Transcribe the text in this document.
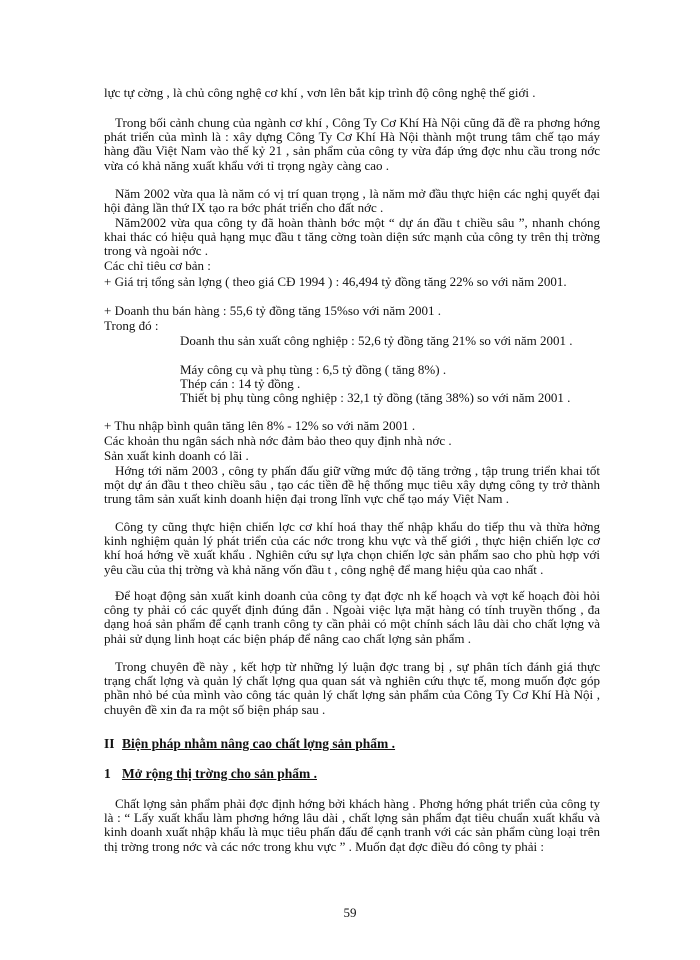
lực tự cờng , là chủ công nghệ cơ khí , vơn lên bắt kịp trình độ công nghệ thế giới .

Trong bối cảnh chung của ngành cơ khí , Công Ty Cơ Khí Hà Nội cũng đã đề ra phơng hớng phát triển của mình là : xây dựng Công Ty Cơ Khí Hà Nội thành một trung tâm chế tạo máy hàng đầu Việt Nam vào thế kỷ 21 , sản phẩm của công ty vừa đáp ứng đợc nhu cầu trong nớc vừa có khả năng xuất khẩu với tỉ trọng ngày càng cao .

Năm 2002 vừa qua là năm có vị trí quan trọng , là năm mở đầu thực hiện các nghị quyết đại hội đảng lần thứ IX tạo ra bớc phát triển cho đất nớc .

Năm2002 vừa qua công ty đã hoàn thành bớc một “ dự án đầu t chiều sâu ”, nhanh chóng khai thác có hiệu quả hạng mục đầu t tăng cờng toàn diện sức mạnh của công ty trên thị trờng trong và ngoài nớc .

Các chỉ tiêu cơ bản :

+ Giá trị tổng sản lợng ( theo giá CĐ 1994 ) : 46,494 tỷ đồng tăng 22% so với năm 2001.

+ Doanh thu bán hàng : 55,6 tỷ đồng tăng 15%so với năm 2001 .

Trong đó :

Doanh thu sản xuất công nghiệp : 52,6 tỷ đồng tăng 21% so với năm 2001 .

Máy công cụ và phụ tùng : 6,5 tỷ đồng ( tăng 8%) .

Thép cán : 14 tỷ đồng .

Thiết bị phụ tùng công nghiệp : 32,1 tỷ đồng (tăng 38%) so với năm 2001 .

+ Thu nhập bình quân tăng lên 8% - 12% so với năm 2001 .

Các khoản thu ngân sách nhà nớc đảm bảo theo quy định nhà nớc .

Sản xuất kinh doanh có lãi .

Hớng tới năm 2003 , công ty phấn đấu giữ vững mức độ tăng trởng , tập trung triển khai tốt một dự án đầu t theo chiều sâu , tạo các tiền đề hệ thống mục tiêu xây dựng công ty trở thành trung tâm sản xuất kinh doanh hiện đại trong lĩnh vực chế tạo máy Việt Nam .

Công ty cũng thực hiện chiến lợc cơ khí hoá thay thế nhập khẩu do tiếp thu và thừa hởng kinh nghiệm quản lý phát triển của các nớc trong khu vực và thế giới , thực hiện chiến lợc cơ khí hoá hớng về xuất khẩu . Nghiên cứu sự lựa chọn chiến lợc sản phẩm sao cho phù hợp với yêu cầu của thị trờng và khả năng vốn đầu t , công nghệ để mang hiệu qủa cao nhất .

Để hoạt động sản xuất kinh doanh của công ty đạt đợc nh kế hoạch và vợt kế hoạch đòi hỏi công ty phải có các quyết định đúng đắn . Ngoài việc lựa mặt hàng có tính truyền thống , đa dạng hoá sản phẩm để cạnh tranh công ty cần phải có một chính sách lâu dài cho chất lợng và phải sử dụng linh hoạt các biện pháp để nâng cao chất lợng sản phẩm .

Trong chuyên đề này , kết hợp từ những lý luận đợc trang bị , sự phân tích đánh giá thực trạng chất lợng và quản lý chất lợng qua quan sát và nghiên cứu thực tế, mong muốn đợc góp phần nhỏ bé của mình vào công tác quản lý chất lợng sản phẩm của Công Ty Cơ Khí Hà Nội , chuyên đề xin đa ra một số biện pháp sau .

II Biện pháp nhằm nâng cao chất lợng sản phẩm .
1 Mở rộng thị trờng cho sản phẩm .

Chất lợng sản phẩm phải đợc định hớng bởi khách hàng . Phơng hớng phát triển của công ty là : “ Lấy xuất khẩu làm phơng hớng lâu dài , chất lợng sản phẩm đạt tiêu chuẩn xuất khẩu và kinh doanh xuất nhập khẩu là mục tiêu phấn đấu để cạnh tranh với các sản phẩm cùng loại trên thị trờng trong nớc và các nớc trong khu vực ” . Muốn đạt đợc điều đó công ty phải :

59
